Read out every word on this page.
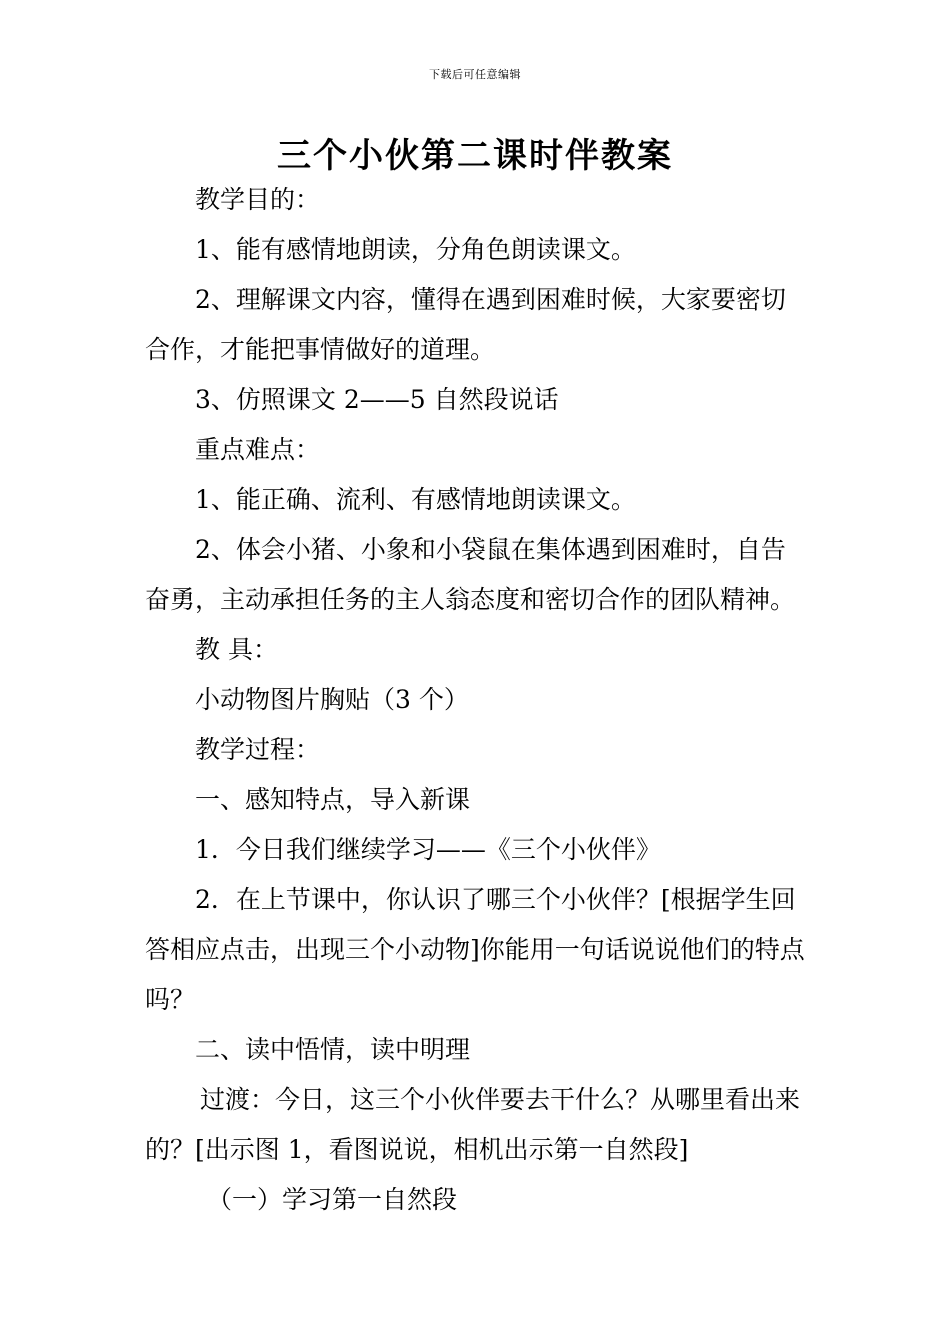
下载后可任意编辑
三个小伙第二课时伴教案

教学目的：

1、能有感情地朗读，分角色朗读课文。

2、理解课文内容，懂得在遇到困难时候，大家要密切合作，才能把事情做好的道理。

3、仿照课文 2——5 自然段说话

重点难点：

1、能正确、流利、有感情地朗读课文。

2、体会小猪、小象和小袋鼠在集体遇到困难时，自告奋勇，主动承担任务的主人翁态度和密切合作的团队精神。

教 具：

小动物图片胸贴（3 个）

教学过程：

一、感知特点，导入新课

1．今日我们继续学习——《三个小伙伴》

2．在上节课中，你认识了哪三个小伙伴？[根据学生回答相应点击，出现三个小动物]你能用一句话说说他们的特点吗？

二、读中悟情，读中明理

过渡：今日，这三个小伙伴要去干什么？从哪里看出来的？[出示图 1，看图说说，相机出示第一自然段]

（一）学习第一自然段
